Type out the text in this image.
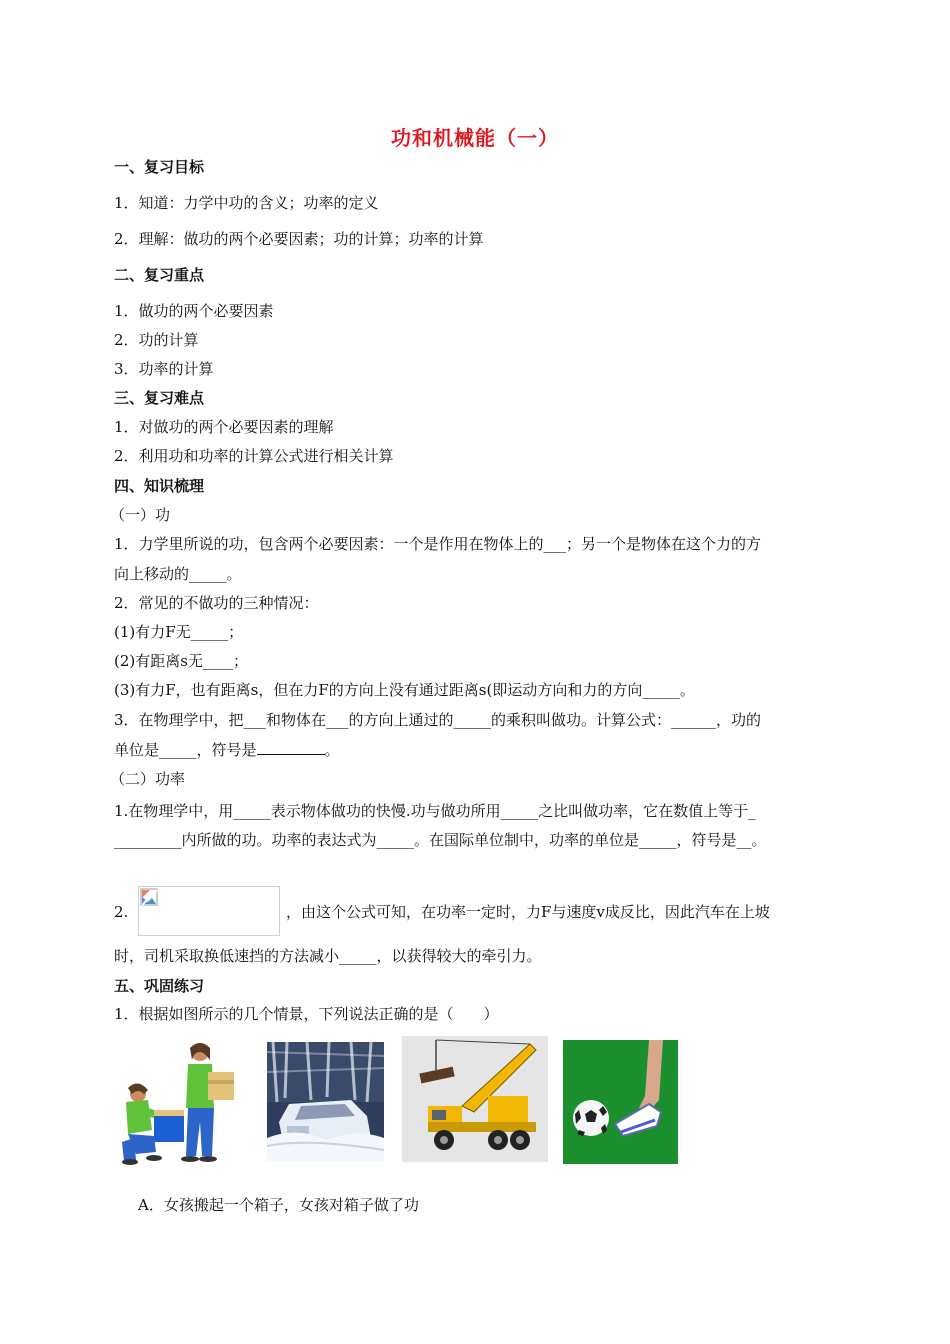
功和机械能（一）
一、复习目标
1．知道：力学中功的含义；功率的定义
2．理解：做功的两个必要因素；功的计算；功率的计算
二、复习重点
1．做功的两个必要因素
2．功的计算
3．功率的计算
三、复习难点
1．对做功的两个必要因素的理解
2．利用功和功率的计算公式进行相关计算
四、知识梳理
（一）功
1．力学里所说的功，包含两个必要因素：一个是作用在物体上的___；另一个是物体在这个力的方
向上移动的_____。
2．常见的不做功的三种情况：
(1)有力F无_____；
(2)有距离s无____；
(3)有力F，也有距离s，但在力F的方向上没有通过距离s(即运动方向和力的方向_____。
3．在物理学中，把___和物体在___的方向上通过的_____的乘积叫做功。计算公式：______，功的
单位是_____，符号是	。
（二）功率
1.在物理学中，用_____表示物体做功的快慢.功与做功所用_____之比叫做功率，它在数值上等于_
_________内所做的功。功率的表达式为_____。在国际单位制中，功率的单位是_____，符号是__。
2.	，由这个公式可知，在功率一定时，力F与速度v成反比，因此汽车在上坡
时，司机采取换低速挡的方法减小_____，以获得较大的牵引力。
五、巩固练习
1．根据如图所示的几个情景，下列说法正确的是（　　）
A．女孩搬起一个箱子，女孩对箱子做了功
